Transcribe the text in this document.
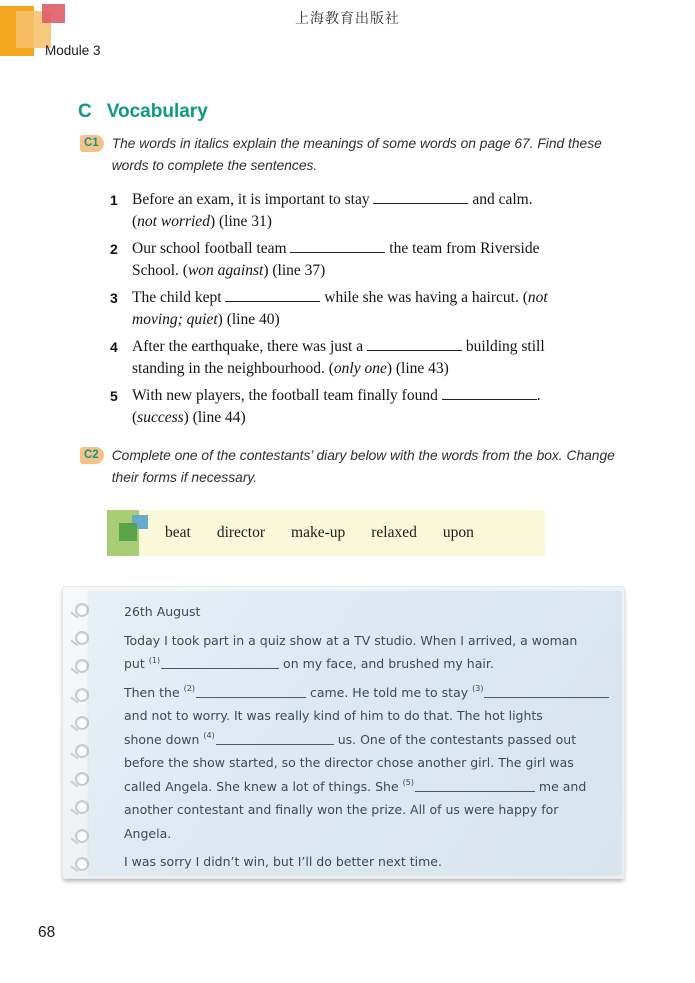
上海教育出版社
Module 3
C Vocabulary
C1 The words in italics explain the meanings of some words on page 67. Find these
words to complete the sentences.

1 Before an exam, it is important to stay	and calm.
(not worried) (line 31)

2 Our school football team	the team from Riverside
School. (won against) (line 37)

3 The child kept	while she was having a haircut. (not
moving; quiet) (line 40)

4 After the earthquake, there was just a	building still
standing in the neighbourhood. (only one) (line 43)

5 With new players, the football team finally found	.
(success) (line 44)

C2 Complete one of the contestants’ diary below with the words from the box. Change
their forms if necessary.

beat director make-up relaxed upon

26th August

Today I took part in a quiz show at a TV studio. When I arrived, a woman
put $^{(1)}$	on my face, and brushed my hair.

Then the $^{(2)}$	came. He told me to stay $^{(3)}$
and not to worry. It was really kind of him to do that. The hot lights
shone down $^{(4)}$	us. One of the contestants passed out
before the show started, so the director chose another girl. The girl was
called Angela. She knew a lot of things. She $^{(5)}$	me and
another contestant and finally won the prize. All of us were happy for
Angela.

I was sorry I didn’t win, but I’ll do better next time.

68
